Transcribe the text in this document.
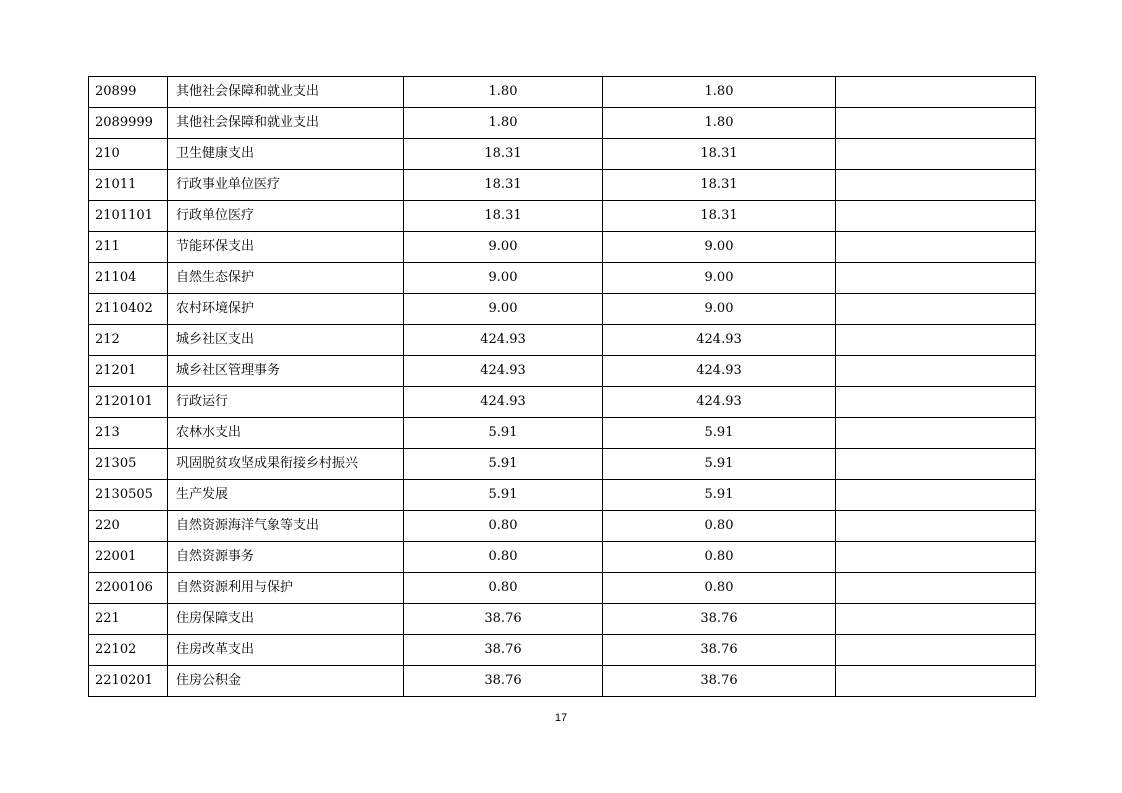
20899	其他社会保障和就业支出	1.80	1.80	
2089999	其他社会保障和就业支出	1.80	1.80	
210	卫生健康支出	18.31	18.31	
21011	行政事业单位医疗	18.31	18.31	
2101101	行政单位医疗	18.31	18.31	
211	节能环保支出	9.00	9.00	
21104	自然生态保护	9.00	9.00	
2110402	农村环境保护	9.00	9.00	
212	城乡社区支出	424.93	424.93	
21201	城乡社区管理事务	424.93	424.93	
2120101	行政运行	424.93	424.93	
213	农林水支出	5.91	5.91	
21305	巩固脱贫攻坚成果衔接乡村振兴	5.91	5.91	
2130505	生产发展	5.91	5.91	
220	自然资源海洋气象等支出	0.80	0.80	
22001	自然资源事务	0.80	0.80	
2200106	自然资源利用与保护	0.80	0.80	
221	住房保障支出	38.76	38.76	
22102	住房改革支出	38.76	38.76	
2210201	住房公积金	38.76	38.76	
17
